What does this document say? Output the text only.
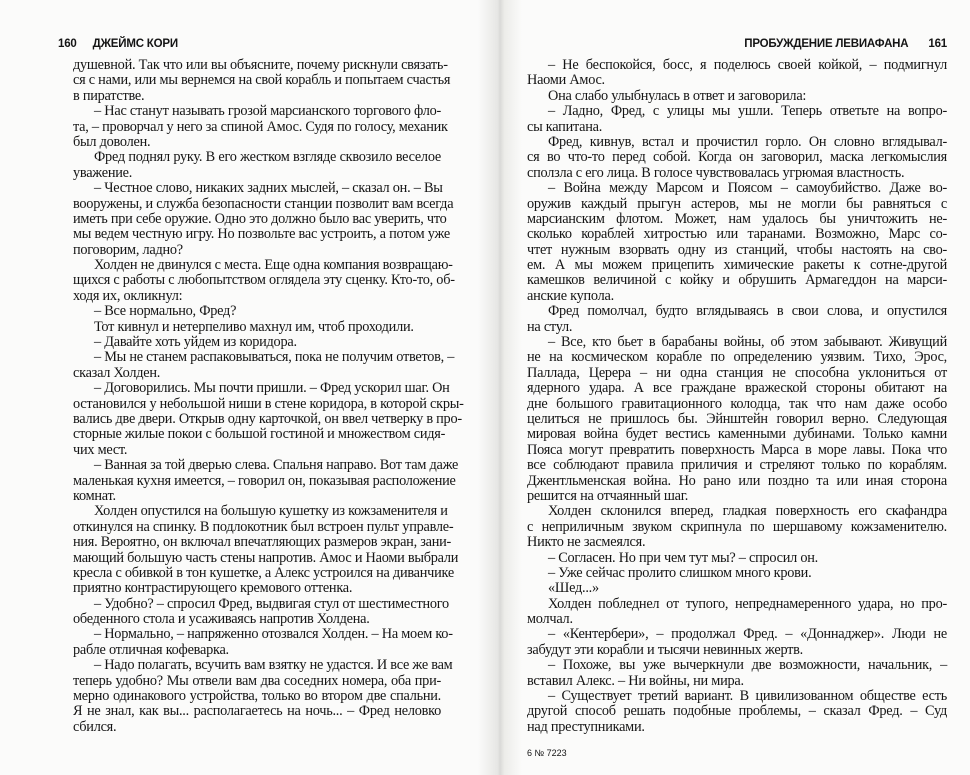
160 ДЖЕЙМС КОРИ
душевной. Так что или вы объясните, почему рискнули связать-
ся с нами, или мы вернемся на свой корабль и попытаем счастья
в пиратстве.
– Нас станут называть грозой марсианского торгового фло-
та, – проворчал у него за спиной Амос. Судя по голосу, механик
был доволен.
Фред поднял руку. В его жестком взгляде сквозило веселое
уважение.
– Честное слово, никаких задних мыслей, – сказал он. – Вы
вооружены, и служба безопасности станции позволит вам всегда
иметь при себе оружие. Одно это должно было вас уверить, что
мы ведем честную игру. Но позвольте вас устроить, а потом уже
поговорим, ладно?
Холден не двинулся с места. Еще одна компания возвращаю-
щихся с работы с любопытством оглядела эту сценку. Кто-то, об-
ходя их, окликнул:
– Все нормально, Фред?
Тот кивнул и нетерпеливо махнул им, чтоб проходили.
– Давайте хоть уйдем из коридора.
– Мы не станем распаковываться, пока не получим ответов, –
сказал Холден.
– Договорились. Мы почти пришли. – Фред ускорил шаг. Он
остановился у небольшой ниши в стене коридора, в которой скры-
вались две двери. Открыв одну карточкой, он ввел четверку в про-
сторные жилые покои с большой гостиной и множеством сидя-
чих мест.
– Ванная за той дверью слева. Спальня направо. Вот там даже
маленькая кухня имеется, – говорил он, показывая расположение
комнат.
Холден опустился на большую кушетку из кожзаменителя и
откинулся на спинку. В подлокотник был встроен пульт управле-
ния. Вероятно, он включал впечатляющих размеров экран, зани-
мающий большую часть стены напротив. Амос и Наоми выбрали
кресла с обивкой в тон кушетке, а Алекс устроился на диванчике
приятно контрастирующего кремового оттенка.
– Удобно? – спросил Фред, выдвигая стул от шестиместного
обеденного стола и усаживаясь напротив Холдена.
– Нормально, – напряженно отозвался Холден. – На моем ко-
рабле отличная кофеварка.
– Надо полагать, всучить вам взятку не удастся. И все же вам
теперь удобно? Мы отвели вам два соседних номера, оба при-
мерно одинакового устройства, только во втором две спальни.
Я не знал, как вы... располагаетесь на ночь... – Фред неловко
сбился.
ПРОБУЖДЕНИЕ ЛЕВИАФАНА 161
– Не беспокойся, босс, я поделюсь своей койкой, – подмигнул
Наоми Амос.
Она слабо улыбнулась в ответ и заговорила:
– Ладно, Фред, с улицы мы ушли. Теперь ответьте на вопро-
сы капитана.
Фред, кивнув, встал и прочистил горло. Он словно вглядывал-
ся во что-то перед собой. Когда он заговорил, маска легкомыслия
сползла с его лица. В голосе чувствовалась угрюмая властность.
– Война между Марсом и Поясом – самоубийство. Даже во-
оружив каждый прыгун астеров, мы не могли бы равняться с
марсианским флотом. Может, нам удалось бы уничтожить не-
сколько кораблей хитростью или таранами. Возможно, Марс со-
чтет нужным взорвать одну из станций, чтобы настоять на сво-
ем. А мы можем прицепить химические ракеты к сотне-другой
камешков величиной с койку и обрушить Армагеддон на марси-
анские купола.
Фред помолчал, будто вглядываясь в свои слова, и опустился
на стул.
– Все, кто бьет в барабаны войны, об этом забывают. Живущий
не на космическом корабле по определению уязвим. Тихо, Эрос,
Паллада, Церера – ни одна станция не способна уклониться от
ядерного удара. А все граждане вражеской стороны обитают на
дне большого гравитационного колодца, так что нам даже особо
целиться не пришлось бы. Эйнштейн говорил верно. Следующая
мировая война будет вестись каменными дубинами. Только камни
Пояса могут превратить поверхность Марса в море лавы. Пока что
все соблюдают правила приличия и стреляют только по кораблям.
Джентльменская война. Но рано или поздно та или иная сторона
решится на отчаянный шаг.
Холден склонился вперед, гладкая поверхность его скафандра
с неприличным звуком скрипнула по шершавому кожзаменителю.
Никто не засмеялся.
– Согласен. Но при чем тут мы? – спросил он.
– Уже сейчас пролито слишком много крови.
«Шед...»
Холден побледнел от тупого, непреднамеренного удара, но про-
молчал.
– «Кентербери», – продолжал Фред. – «Доннаджер». Люди не
забудут эти корабли и тысячи невинных жертв.
– Похоже, вы уже вычеркнули две возможности, начальник, –
вставил Алекс. – Ни войны, ни мира.
– Существует третий вариант. В цивилизованном обществе есть
другой способ решать подобные проблемы, – сказал Фред. – Суд
над преступниками.
6 № 7223
